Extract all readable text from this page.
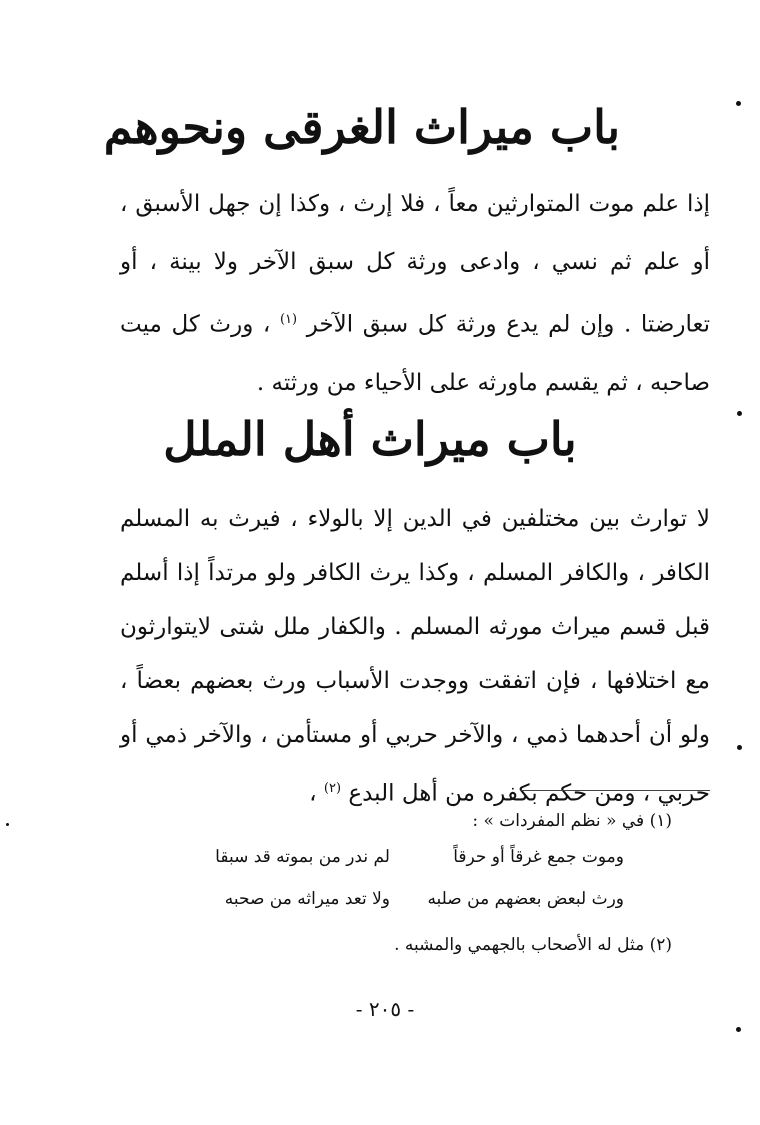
باب ميراث الغرقى ونحوهم
إذا علم موت المتوارثين معاً ، فلا إرث ، وكذا إن جهل الأسبق ، أو علم ثم نسي ، وادعى ورثة كل سبق الآخر ولا بينة ، أو تعارضتا . وإن لم يدع ورثة كل سبق الآخر $^{(١)}$ ، ورث كل ميت صاحبه ، ثم يقسم ماورثه على الأحياء من ورثته .
باب ميراث أهل الملل
لا توارث بين مختلفين في الدين إلا بالولاء ، فيرث به المسلم الكافر ، والكافر المسلم ، وكذا يرث الكافر ولو مرتداً إذا أسلم قبل قسم ميراث مورثه المسلم . والكفار ملل شتى لايتوارثون مع اختلافها ، فإن اتفقت ووجدت الأسباب ورث بعضهم بعضاً ، ولو أن أحدهما ذمي ، والآخر حربي أو مستأمن ، والآخر ذمي أو حربي ، ومن حكم بكفره من أهل البدع $^{(٢)}$ ،
(١) في « نظم المفردات » :
وموت جمع غرقاً أو حرقاً
لم ندر من بموته قد سبقا
ورث لبعض بعضهم من صلبه
ولا تعد ميراثه من صحبه
(٢) مثل له الأصحاب بالجهمي والمشبه .
- ٢٠٥ -
